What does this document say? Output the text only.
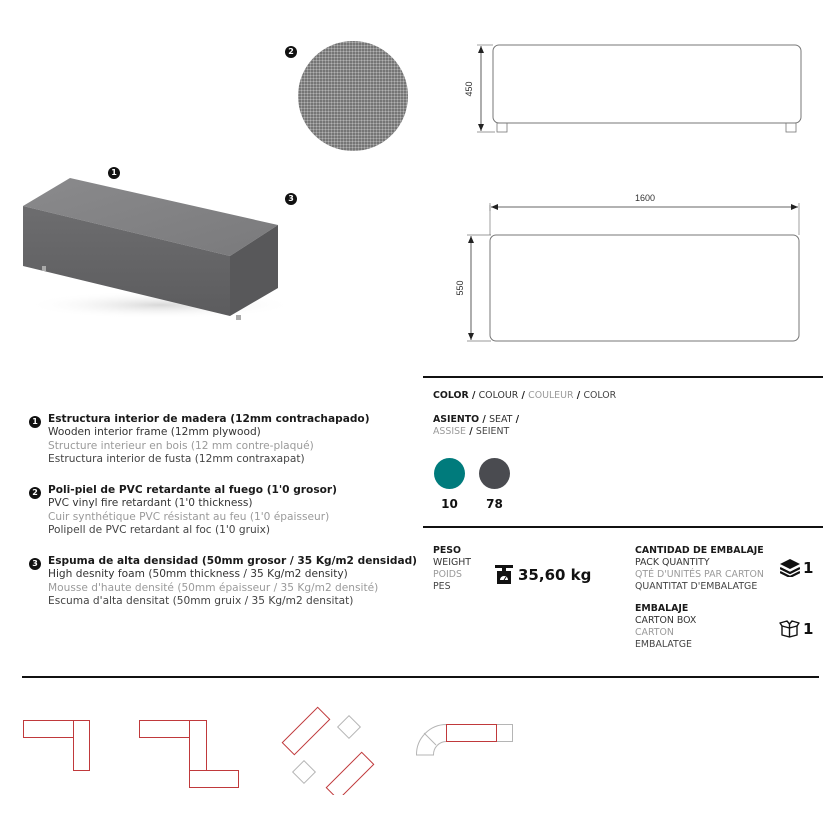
1
2
3
450
1600
550
1 Estructura interior de madera (12mm contrachapado)
Wooden interior frame (12mm plywood)
Structure interieur en bois (12 mm contre-plaqué)
Estructura interior de fusta (12mm contraxapat)
2 Poli-piel de PVC retardante al fuego (1'0 grosor)
PVC vinyl fire retardant (1'0 thickness)
Cuir synthétique PVC résistant au feu (1'0 épaisseur)
Polipell de PVC retardant al foc (1'0 gruix)
3 Espuma de alta densidad (50mm grosor / 35 Kg/m2 densidad)
High desnity foam (50mm thickness / 35 Kg/m2 density)
Mousse d'haute densité (50mm épaisseur / 35 Kg/m2 densité)
Escuma d'alta densitat (50mm gruix / 35 Kg/m2 densitat)
COLOR / COLOUR / COULEUR / COLOR
ASIENTO / SEAT /
ASSISE / SEIENT
10	78
PESO
WEIGHT
POIDS
PES
35,60 kg
CANTIDAD DE EMBALAJE
PACK QUANTITY
QTÉ D'UNITÉS PAR CARTON
QUANTITAT D'EMBALATGE
1
EMBALAJE
CARTON BOX
CARTON
EMBALATGE
1
